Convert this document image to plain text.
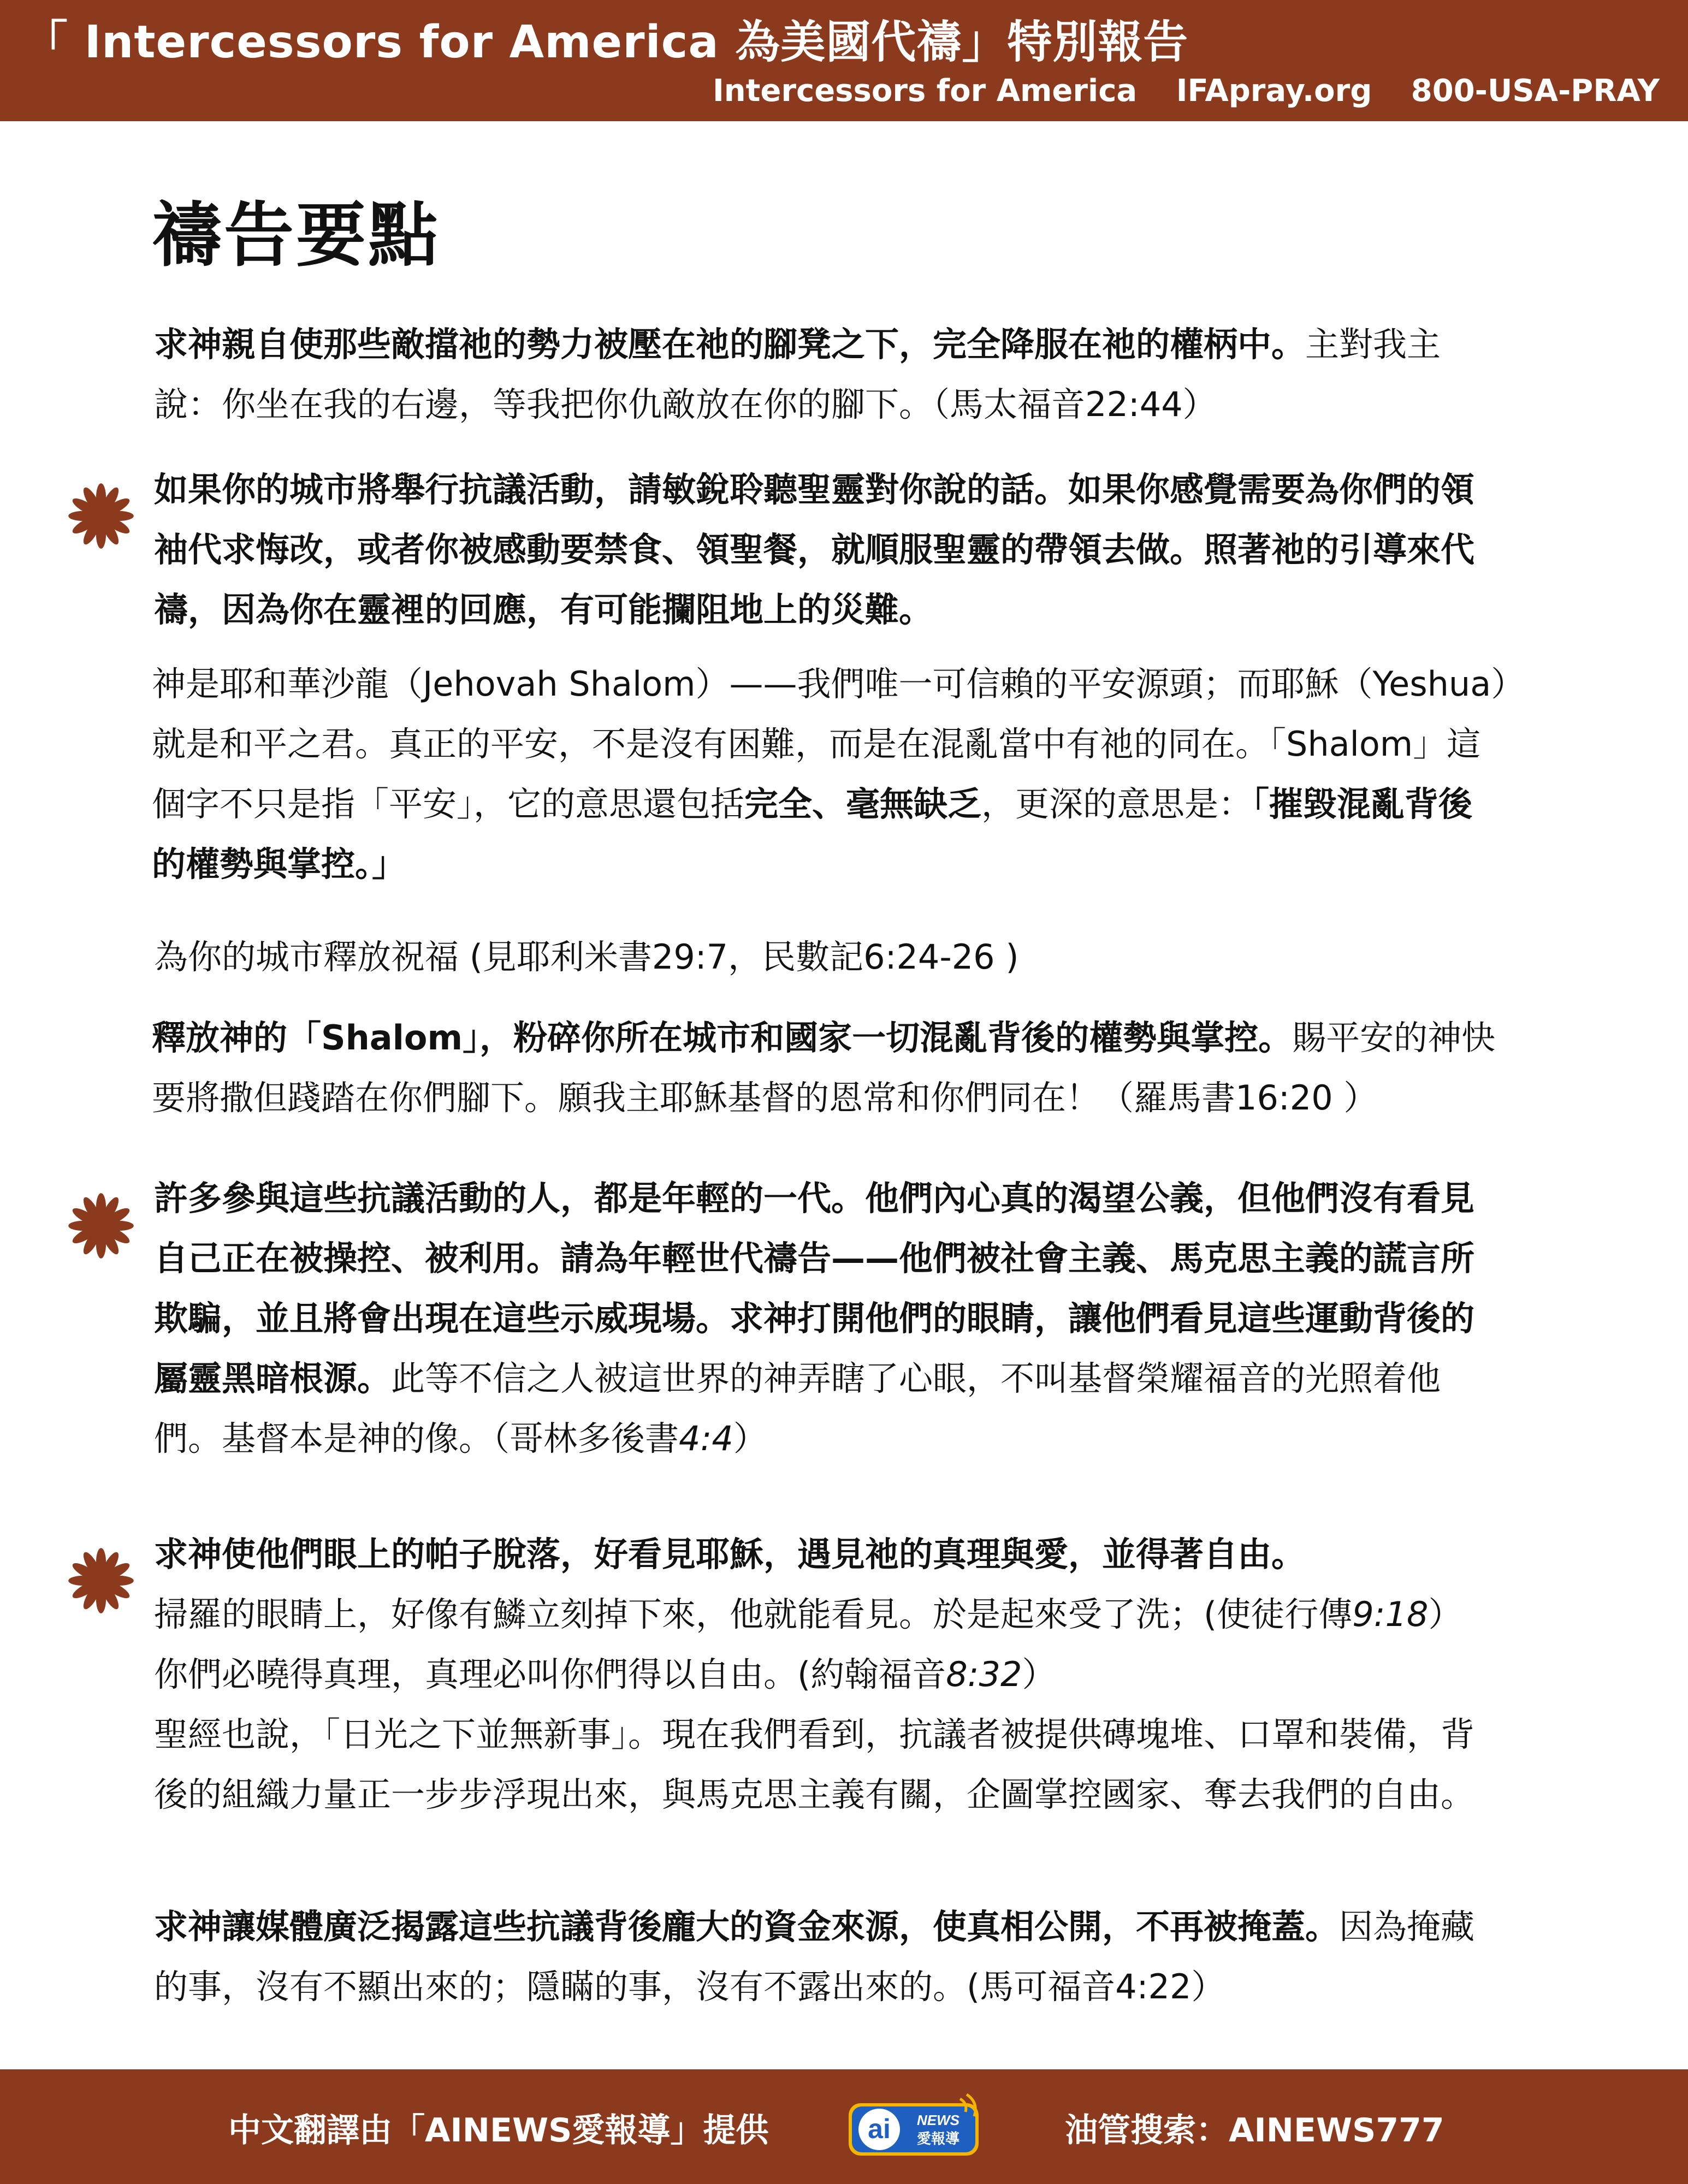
「 Intercessors for America 為美國代禱」特別報告
Intercessors for America IFApray.org 800-USA-PRAY
禱告要點
求神親自使那些敵擋祂的勢力被壓在祂的腳凳之下，完全降服在祂的權柄中。主對我主
說：你坐在我的右邊，等我把你仇敵放在你的腳下。（馬太福音22:44）
如果你的城市將舉行抗議活動，請敏銳聆聽聖靈對你說的話。如果你感覺需要為你們的領
袖代求悔改，或者你被感動要禁食、領聖餐，就順服聖靈的帶領去做。照著祂的引導來代
禱，因為你在靈裡的回應，有可能攔阻地上的災難。
神是耶和華沙龍（Jehovah Shalom）——我們唯一可信賴的平安源頭；而耶穌（Yeshua）
就是和平之君。真正的平安，不是沒有困難，而是在混亂當中有祂的同在。「Shalom」這
個字不只是指「平安」，它的意思還包括完全、毫無缺乏，更深的意思是：「摧毀混亂背後
的權勢與掌控。」
為你的城市釋放祝福 (見耶利米書29:7，民數記6:24-26 )
釋放神的「Shalom」，粉碎你所在城市和國家一切混亂背後的權勢與掌控。賜平安的神快
要將撒但踐踏在你們腳下。願我主耶穌基督的恩常和你們同在！（羅馬書16:20 ）
許多參與這些抗議活動的人，都是年輕的一代。他們內心真的渴望公義，但他們沒有看見
自己正在被操控、被利用。請為年輕世代禱告——他們被社會主義、馬克思主義的謊言所
欺騙，並且將會出現在這些示威現場。求神打開他們的眼睛，讓他們看見這些運動背後的
屬靈黑暗根源。此等不信之人被這世界的神弄瞎了心眼，不叫基督榮耀福音的光照着他
們。基督本是神的像。（哥林多後書4:4）
求神使他們眼上的帕子脫落，好看見耶穌，遇見祂的真理與愛，並得著自由。
掃羅的眼睛上，好像有鱗立刻掉下來，他就能看見。於是起來受了洗；(使徒行傳9:18）
你們必曉得真理，真理必叫你們得以自由。(約翰福音8:32）
聖經也說，「日光之下並無新事」。現在我們看到，抗議者被提供磚塊堆、口罩和裝備，背
後的組織力量正一步步浮現出來，與馬克思主義有關，企圖掌控國家、奪去我們的自由。
求神讓媒體廣泛揭露這些抗議背後龐大的資金來源，使真相公開，不再被掩蓋。因為掩藏
的事，沒有不顯出來的；隱瞞的事，沒有不露出來的。(馬可福音4:22）
中文翻譯由「AINEWS愛報導」提供	ai NEWS
愛報導	油管搜索：AINEWS777
